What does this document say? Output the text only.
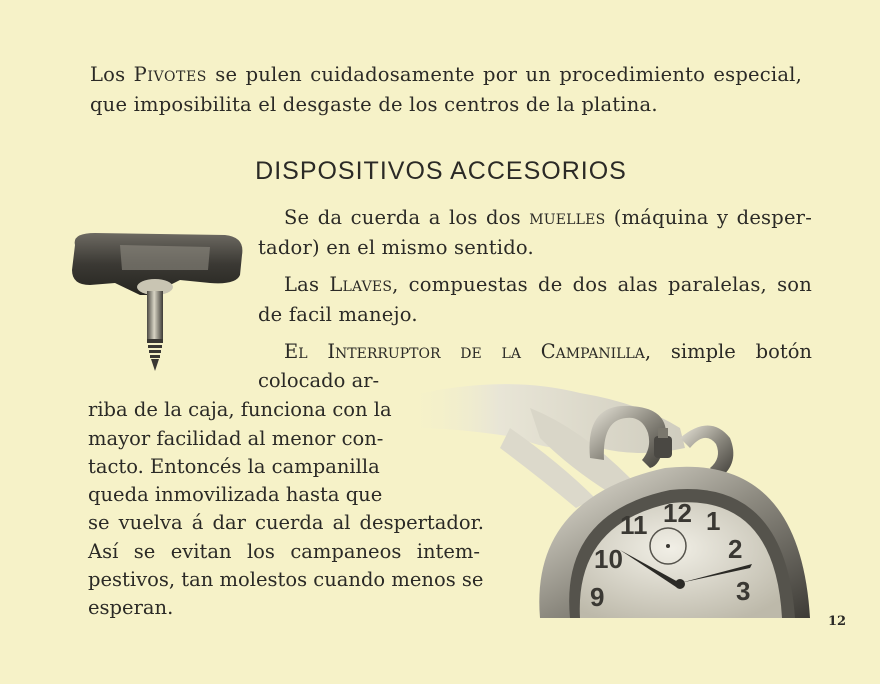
Los Pivotes se pulen cuidadosamente por un procedimiento especial,
que imposibilita el desgaste de los centros de la platina.
DISPOSITIVOS ACCESORIOS
Se da cuerda a los dos muelles (máquina y desper-
tador) en el mismo sentido.
Las Llaves, compuestas de dos alas paralelas, son
de facil manejo.
El Interruptor de la Campanilla, simple botón
colocado ar-
riba de la caja, funciona con la
mayor facilidad al menor con-
tacto. Entoncés la campanilla
queda inmovilizada hasta que
se vuelva á dar cuerda al despertador.
Así se evitan los campaneos intem-
pestivos, tan molestos cuando menos se
esperan.
11 12 1
10	2
9	3
12
